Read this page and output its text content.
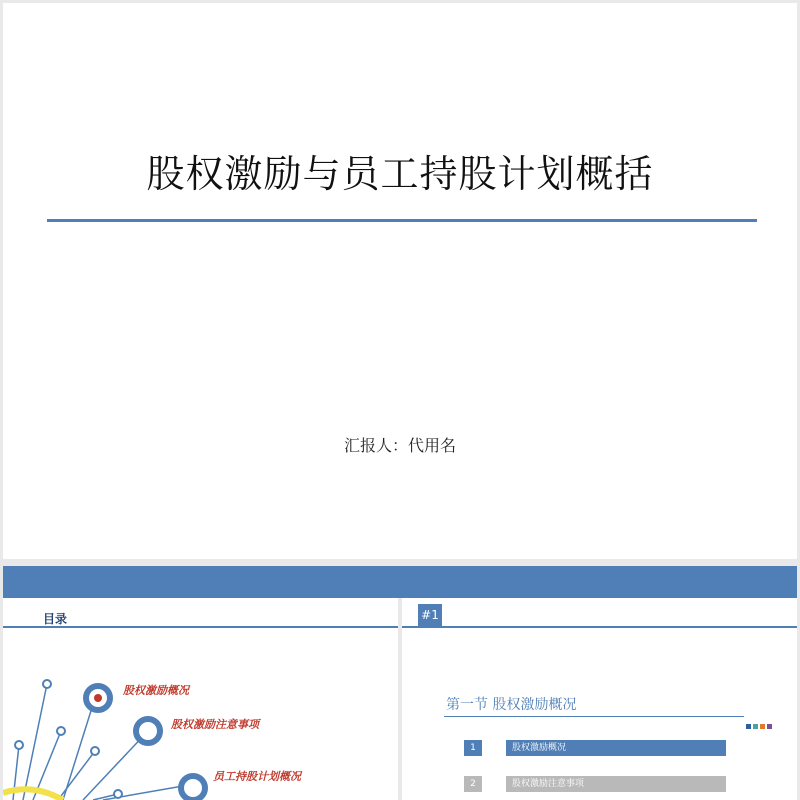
股权激励与员工持股计划概括
汇报人：代用名
目录
股权激励概况
股权激励注意事项
员工持股计划概况
#1
第一节 股权激励概况
1	股权激励概况
2	股权激励注意事项
